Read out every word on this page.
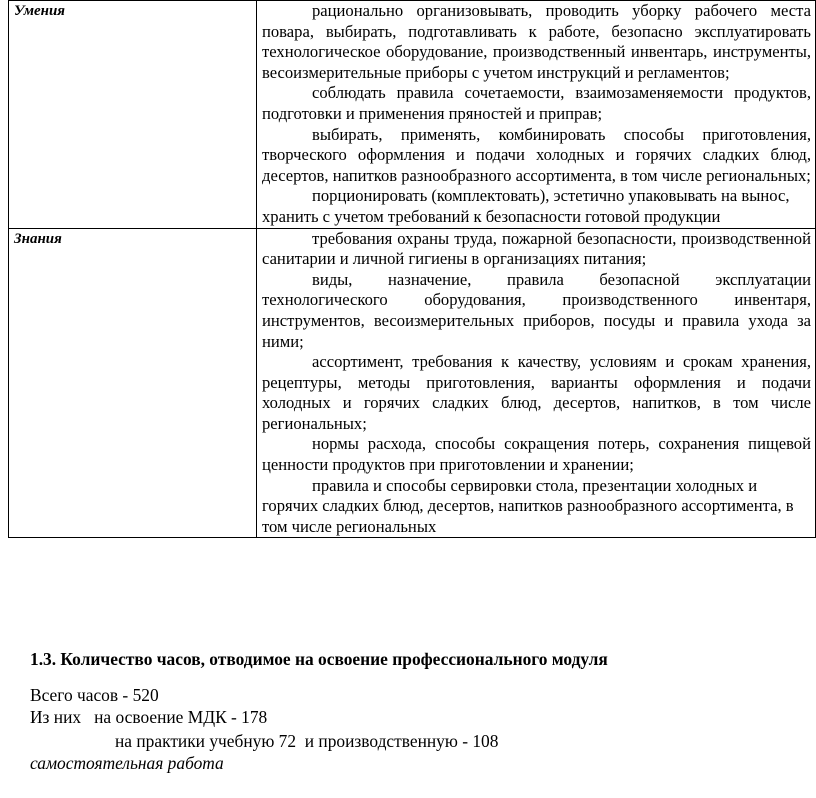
Умения	рационально организовывать, проводить уборку рабочего места повара, выбирать, подготавливать к работе, безопасно эксплуатировать технологическое оборудование, производственный инвентарь, инструменты, весоизмерительные приборы с учетом инструкций и регламентов;

соблюдать правила сочетаемости, взаимозаменяемости продуктов, подготовки и применения пряностей и приправ;

выбирать, применять, комбинировать способы приготовления, творческого оформления и подачи холодных и горячих сладких блюд, десертов, напитков разнообразного ассортимента, в том числе региональных;

порционировать (комплектовать), эстетично упаковывать на вынос, хранить с учетом требований к безопасности готовой продукции

Знания	требования охраны труда, пожарной безопасности, производственной санитарии и личной гигиены в организациях питания;

виды, назначение, правила безопасной эксплуатации технологического оборудования, производственного инвентаря, инструментов, весоизмерительных приборов, посуды и правила ухода за ними;

ассортимент, требования к качеству, условиям и срокам хранения, рецептуры, методы приготовления, варианты оформления и подачи холодных и горячих сладких блюд, десертов, напитков, в том числе региональных;

нормы расхода, способы сокращения потерь, сохранения пищевой ценности продуктов при приготовлении и хранении;

правила и способы сервировки стола, презентации холодных и горячих сладких блюд, десертов, напитков разнообразного ассортимента, в том числе региональных

1.3. Количество часов, отводимое на освоение профессионального модуля

Всего часов - 520

Из них   на освоение МДК - 178

на практики учебную 72  и производственную - 108

самостоятельная работа
